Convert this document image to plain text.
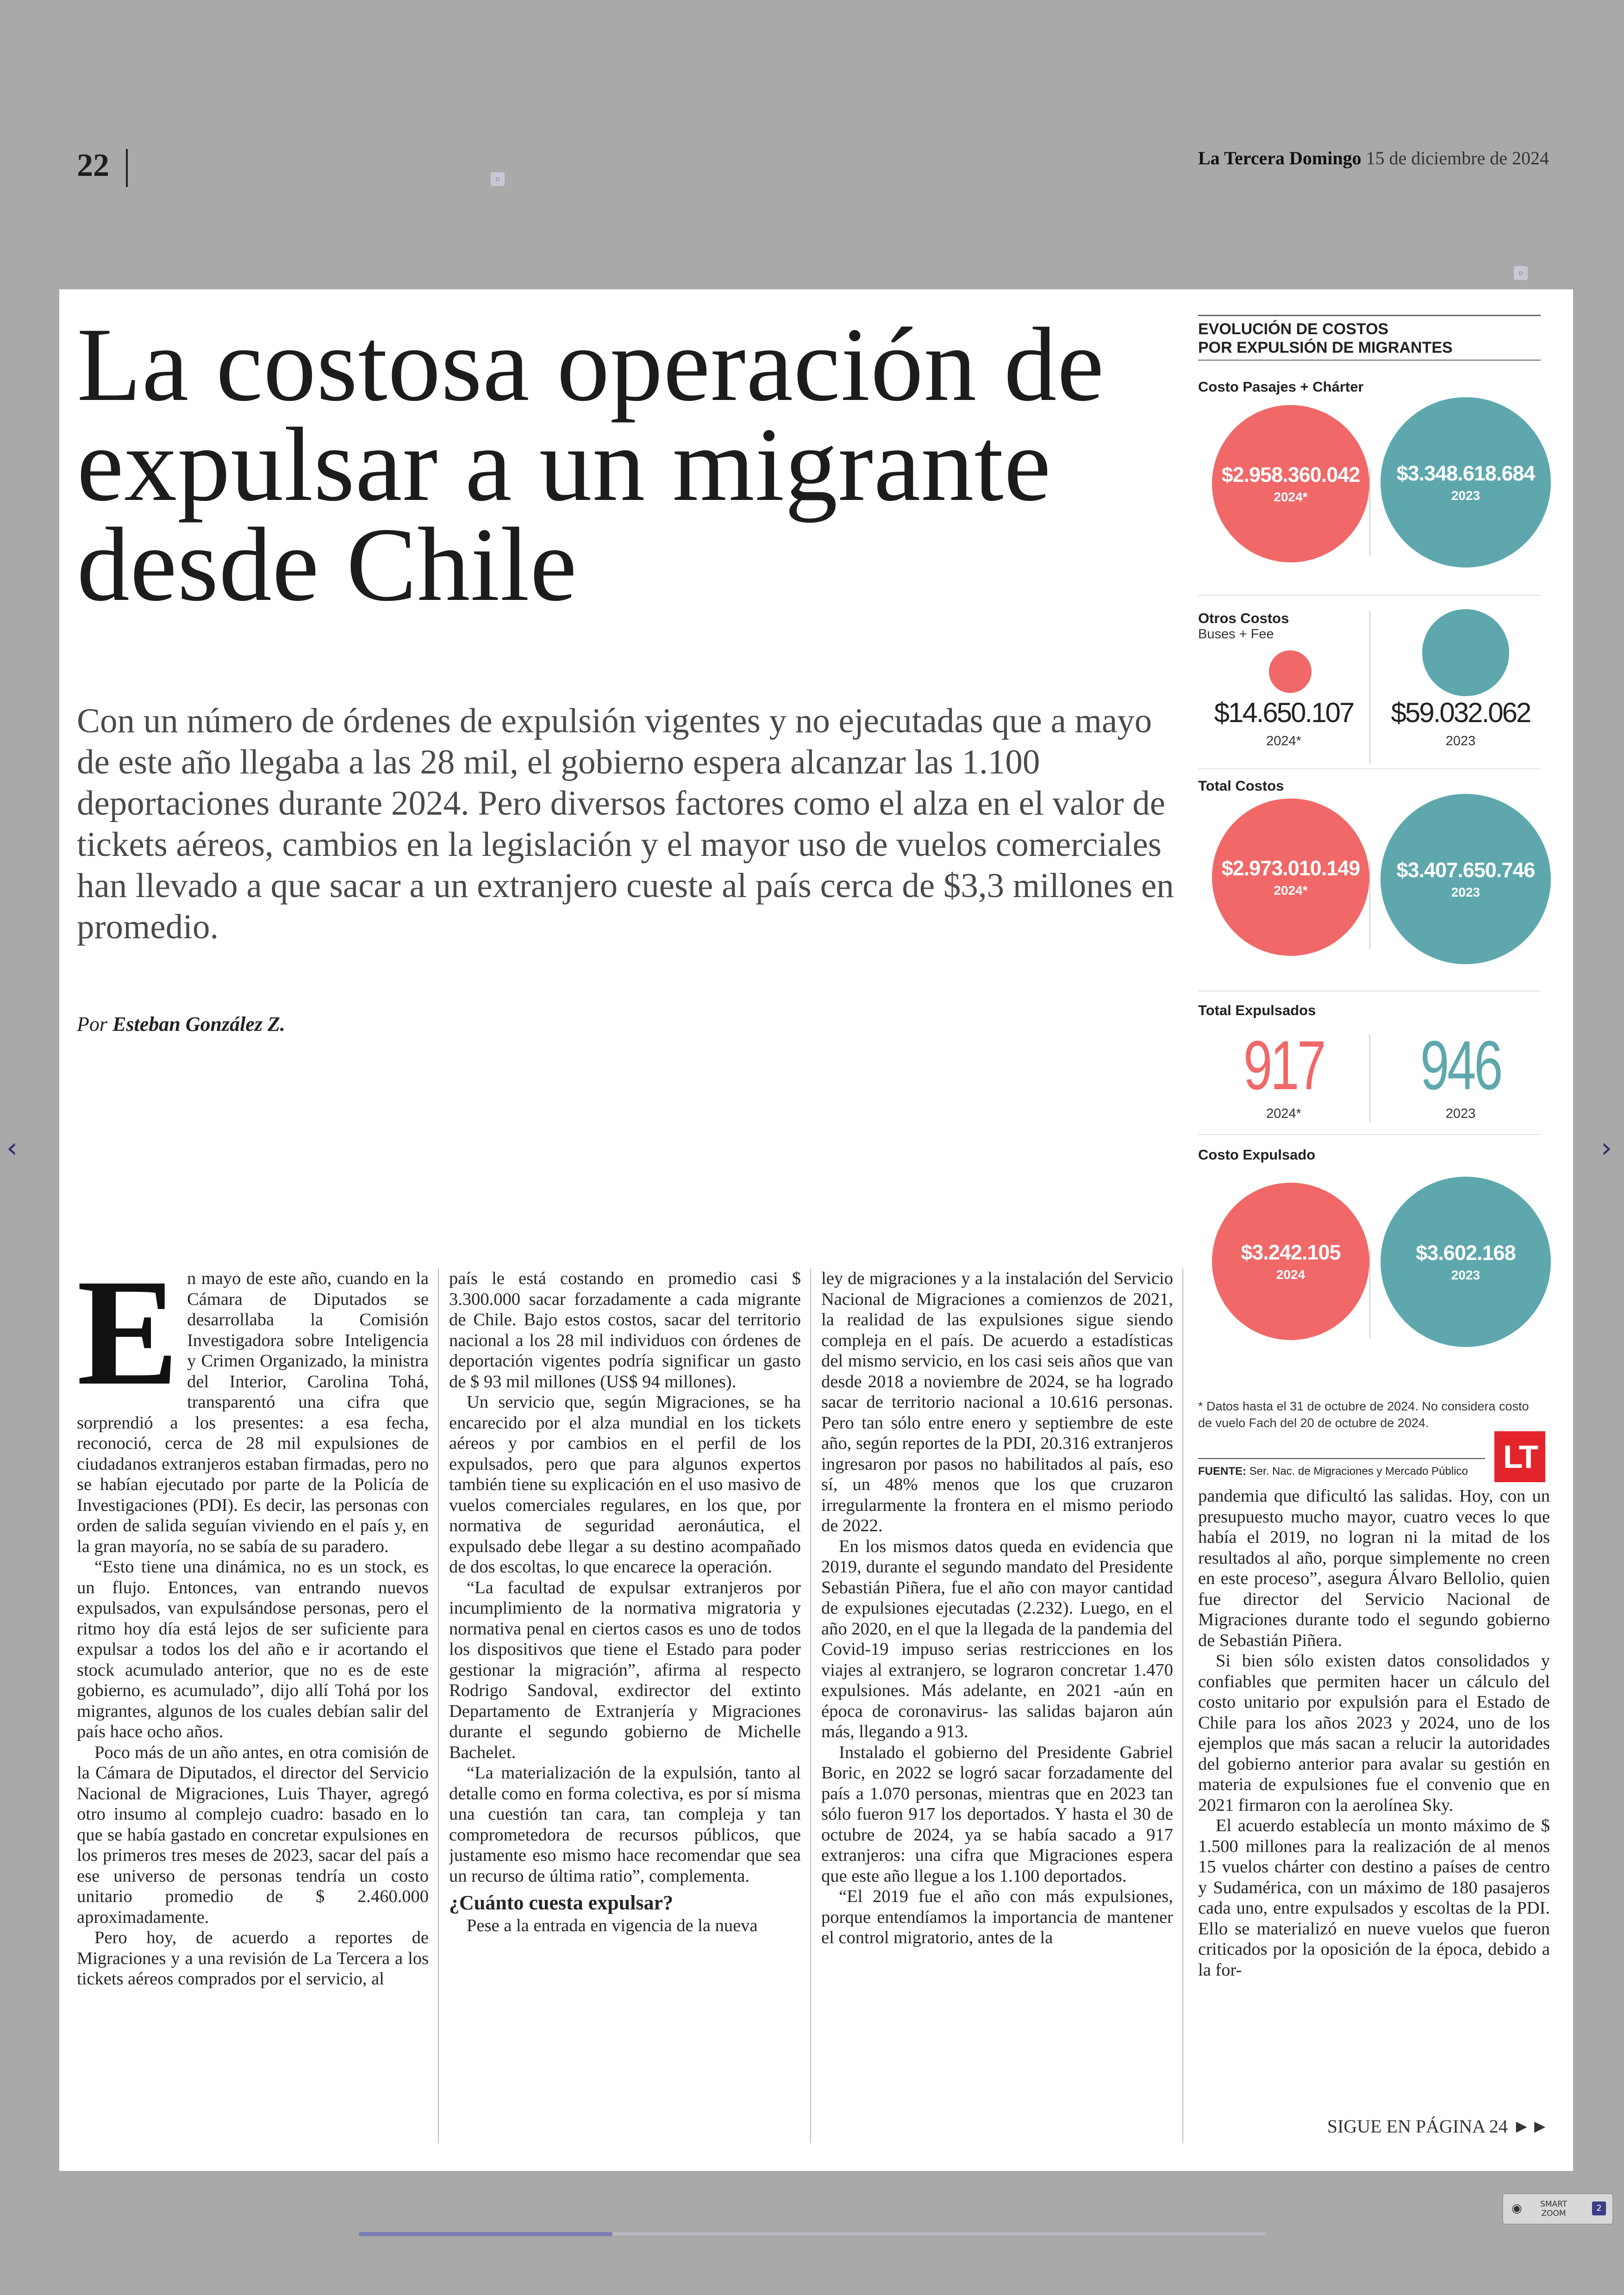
22	La Tercera Domingo 15 de diciembre de 2024
▫
▫
‹	›
La costosa operación de expulsar a un migrante desde Chile

Con un número de órdenes de expulsión vigentes y no ejecutadas que a mayo de este año llegaba a las 28 mil, el gobierno espera alcanzar las 1.100 deportaciones durante 2024. Pero diversos factores como el alza en el valor de tickets aéreos, cambios en la legislación y el mayor uso de vuelos comerciales han llevado a que sacar a un extranjero cueste al país cerca de $3,3 millones en promedio.

Por Esteban González Z.
E n mayo de este año, cuando en la Cámara de Diputados se desarrollaba la Comisión Investigadora sobre Inteligencia y Crimen Organizado, la ministra del Interior, Carolina Tohá, transparentó una cifra que sorprendió a los presentes: a esa fecha, reconoció, cerca de 28 mil expulsiones de ciudadanos extranjeros estaban firmadas, pero no se habían ejecutado por parte de la Policía de Investigaciones (PDI). Es decir, las personas con orden de salida seguían viviendo en el país y, en la gran mayoría, no se sabía de su paradero.

“Esto tiene una dinámica, no es un stock, es un flujo. Entonces, van entrando nuevos expulsados, van expulsándose personas, pero el ritmo hoy día está lejos de ser suficiente para expulsar a todos los del año e ir acortando el stock acumulado anterior, que no es de este gobierno, es acumulado”, dijo allí Tohá por los migrantes, algunos de los cuales debían salir del país hace ocho años.

Poco más de un año antes, en otra comisión de la Cámara de Diputados, el director del Servicio Nacional de Migraciones, Luis Thayer, agregó otro insumo al complejo cuadro: basado en lo que se había gastado en concretar expulsiones en los primeros tres meses de 2023, sacar del país a ese universo de personas tendría un costo unitario promedio de $ 2.460.000 aproximadamente.

Pero hoy, de acuerdo a reportes de Migraciones y a una revisión de La Tercera a los tickets aéreos comprados por el servicio, al

país le está costando en promedio casi $ 3.300.000 sacar forzadamente a cada migrante de Chile. Bajo estos costos, sacar del territorio nacional a los 28 mil individuos con órdenes de deportación vigentes podría significar un gasto de $ 93 mil millones (US$ 94 millones).

Un servicio que, según Migraciones, se ha encarecido por el alza mundial en los tickets aéreos y por cambios en el perfil de los expulsados, pero que para algunos expertos también tiene su explicación en el uso masivo de vuelos comerciales regulares, en los que, por normativa de seguridad aeronáutica, el expulsado debe llegar a su destino acompañado de dos escoltas, lo que encarece la operación.

“La facultad de expulsar extranjeros por incumplimiento de la normativa migratoria y normativa penal en ciertos casos es uno de todos los dispositivos que tiene el Estado para poder gestionar la migración”, afirma al respecto Rodrigo Sandoval, exdirector del extinto Departamento de Extranjería y Migraciones durante el segundo gobierno de Michelle Bachelet.

“La materialización de la expulsión, tanto al detalle como en forma colectiva, es por sí misma una cuestión tan cara, tan compleja y tan comprometedora de recursos públicos, que justamente eso mismo hace recomendar que sea un recurso de última ratio”, complementa.

¿Cuánto cuesta expulsar?

Pese a la entrada en vigencia de la nueva

ley de migraciones y a la instalación del Servicio Nacional de Migraciones a comienzos de 2021, la realidad de las expulsiones sigue siendo compleja en el país. De acuerdo a estadísticas del mismo servicio, en los casi seis años que van desde 2018 a noviembre de 2024, se ha logrado sacar de territorio nacional a 10.616 personas. Pero tan sólo entre enero y septiembre de este año, según reportes de la PDI, 20.316 extranjeros ingresaron por pasos no habilitados al país, eso sí, un 48% menos que los que cruzaron irregularmente la frontera en el mismo periodo de 2022.

En los mismos datos queda en evidencia que 2019, durante el segundo mandato del Presidente Sebastián Piñera, fue el año con mayor cantidad de expulsiones ejecutadas (2.232). Luego, en el año 2020, en el que la llegada de la pandemia del Covid-19 impuso serias restricciones en los viajes al extranjero, se lograron concretar 1.470 expulsiones. Más adelante, en 2021 -aún en época de coronavirus- las salidas bajaron aún más, llegando a 913.

Instalado el gobierno del Presidente Gabriel Boric, en 2022 se logró sacar forzadamente del país a 1.070 personas, mientras que en 2023 tan sólo fueron 917 los deportados. Y hasta el 30 de octubre de 2024, ya se había sacado a 917 extranjeros: una cifra que Migraciones espera que este año llegue a los 1.100 deportados.

“El 2019 fue el año con más expulsiones, porque entendíamos la importancia de mantener el control migratorio, antes de la

pandemia que dificultó las salidas. Hoy, con un presupuesto mucho mayor, cuatro veces lo que había el 2019, no logran ni la mitad de los resultados al año, porque simplemente no creen en este proceso”, asegura Álvaro Bellolio, quien fue director del Servicio Nacional de Migraciones durante todo el segundo gobierno de Sebastián Piñera.

Si bien sólo existen datos consolidados y confiables que permiten hacer un cálculo del costo unitario por expulsión para el Estado de Chile para los años 2023 y 2024, uno de los ejemplos que más sacan a relucir la autoridades del gobierno anterior para avalar su gestión en materia de expulsiones fue el convenio que en 2021 firmaron con la aerolínea Sky.

El acuerdo establecía un monto máximo de $ 1.500 millones para la realización de al menos 15 vuelos chárter con destino a países de centro y Sudamérica, con un máximo de 180 pasajeros cada uno, entre expulsados y escoltas de la PDI. Ello se materializó en nueve vuelos que fueron criticados por la oposición de la época, debido a la for-

SIGUE EN PÁGINA 24 ►►
EVOLUCIÓN DE COSTOS
POR EXPULSIÓN DE MIGRANTES
Costo Pasajes + Chárter
$2.958.360.042
2024*
$3.348.618.684
2023
Otros Costos
Buses + Fee
$14.650.107
2024*
$59.032.062
2023
Total Costos
$2.973.010.149
2024*
$3.407.650.746
2023
Total Expulsados
917
2024*
946
2023
Costo Expulsado
$3.242.105
2024
$3.602.168
2023
* Datos hasta el 31 de octubre de 2024. No considera costo de vuelo Fach del 20 de octubre de 2024.
FUENTE: Ser. Nac. de Migraciones y Mercado Público LT
◉ SMART
ZOOM
2
